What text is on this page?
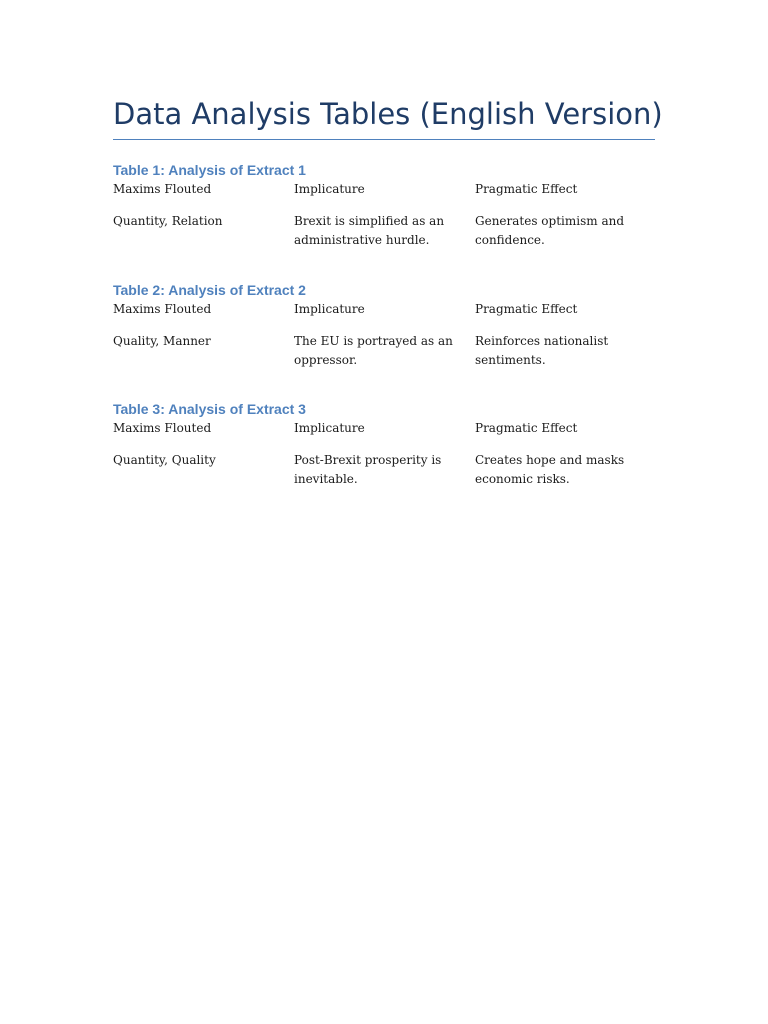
Data Analysis Tables (English Version)
Table 1: Analysis of Extract 1
Maxims Flouted	Implicature	Pragmatic Effect
Quantity, Relation	Brexit is simplified as an administrative hurdle.	Generates optimism and confidence.
Table 2: Analysis of Extract 2
Maxims Flouted	Implicature	Pragmatic Effect
Quality, Manner	The EU is portrayed as an oppressor.	Reinforces nationalist sentiments.
Table 3: Analysis of Extract 3
Maxims Flouted	Implicature	Pragmatic Effect
Quantity, Quality	Post-Brexit prosperity is inevitable.	Creates hope and masks economic risks.
